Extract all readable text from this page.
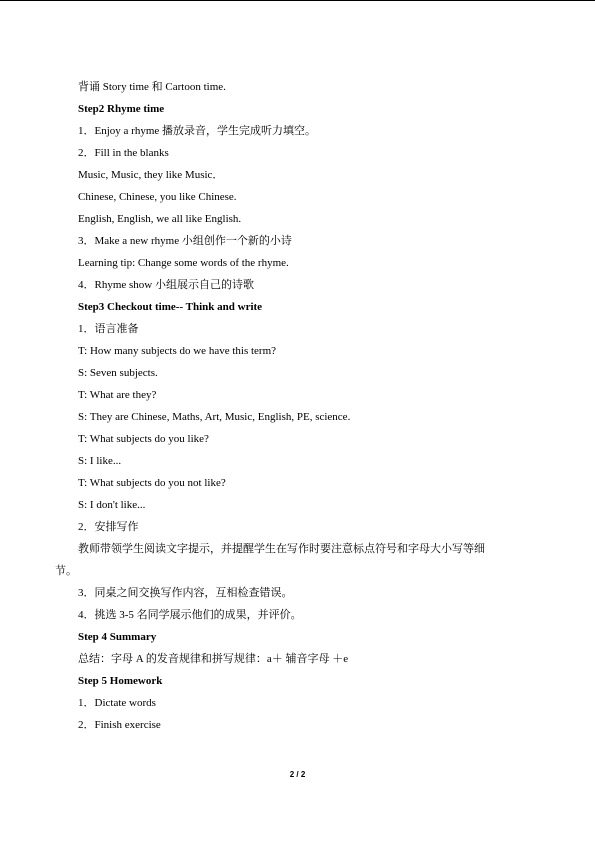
背诵 Story time 和 Cartoon time.
Step2 Rhyme time
1．Enjoy a rhyme 播放录音，学生完成听力填空。
2．Fill in the blanks
Music, Music, they like Music．
Chinese, Chinese, you like Chinese.
English, English, we all like English.
3．Make a new rhyme 小组创作一个新的小诗
Learning tip: Change some words of the rhyme.
4．Rhyme show 小组展示自己的诗歌
Step3 Checkout time-- Think and write
1．语言准备
T: How many subjects do we have this term?
S: Seven subjects.
T: What are they?
S: They are Chinese, Maths, Art, Music, English, PE, science.
T: What subjects do you like?
S: I like...
T: What subjects do you not like?
S: I don't like...
2．安排写作
教师带领学生阅读文字提示，并提醒学生在写作时要注意标点符号和字母大小写等细
节。
3．同桌之间交换写作内容，互相检查错误。
4．挑选 3-5 名同学展示他们的成果，并评价。
Step 4 Summary
总结：字母 A 的发音规律和拼写规律：a＋ 辅音字母 ＋e
Step 5 Homework
1．Dictate words
2．Finish exercise
2 / 2
